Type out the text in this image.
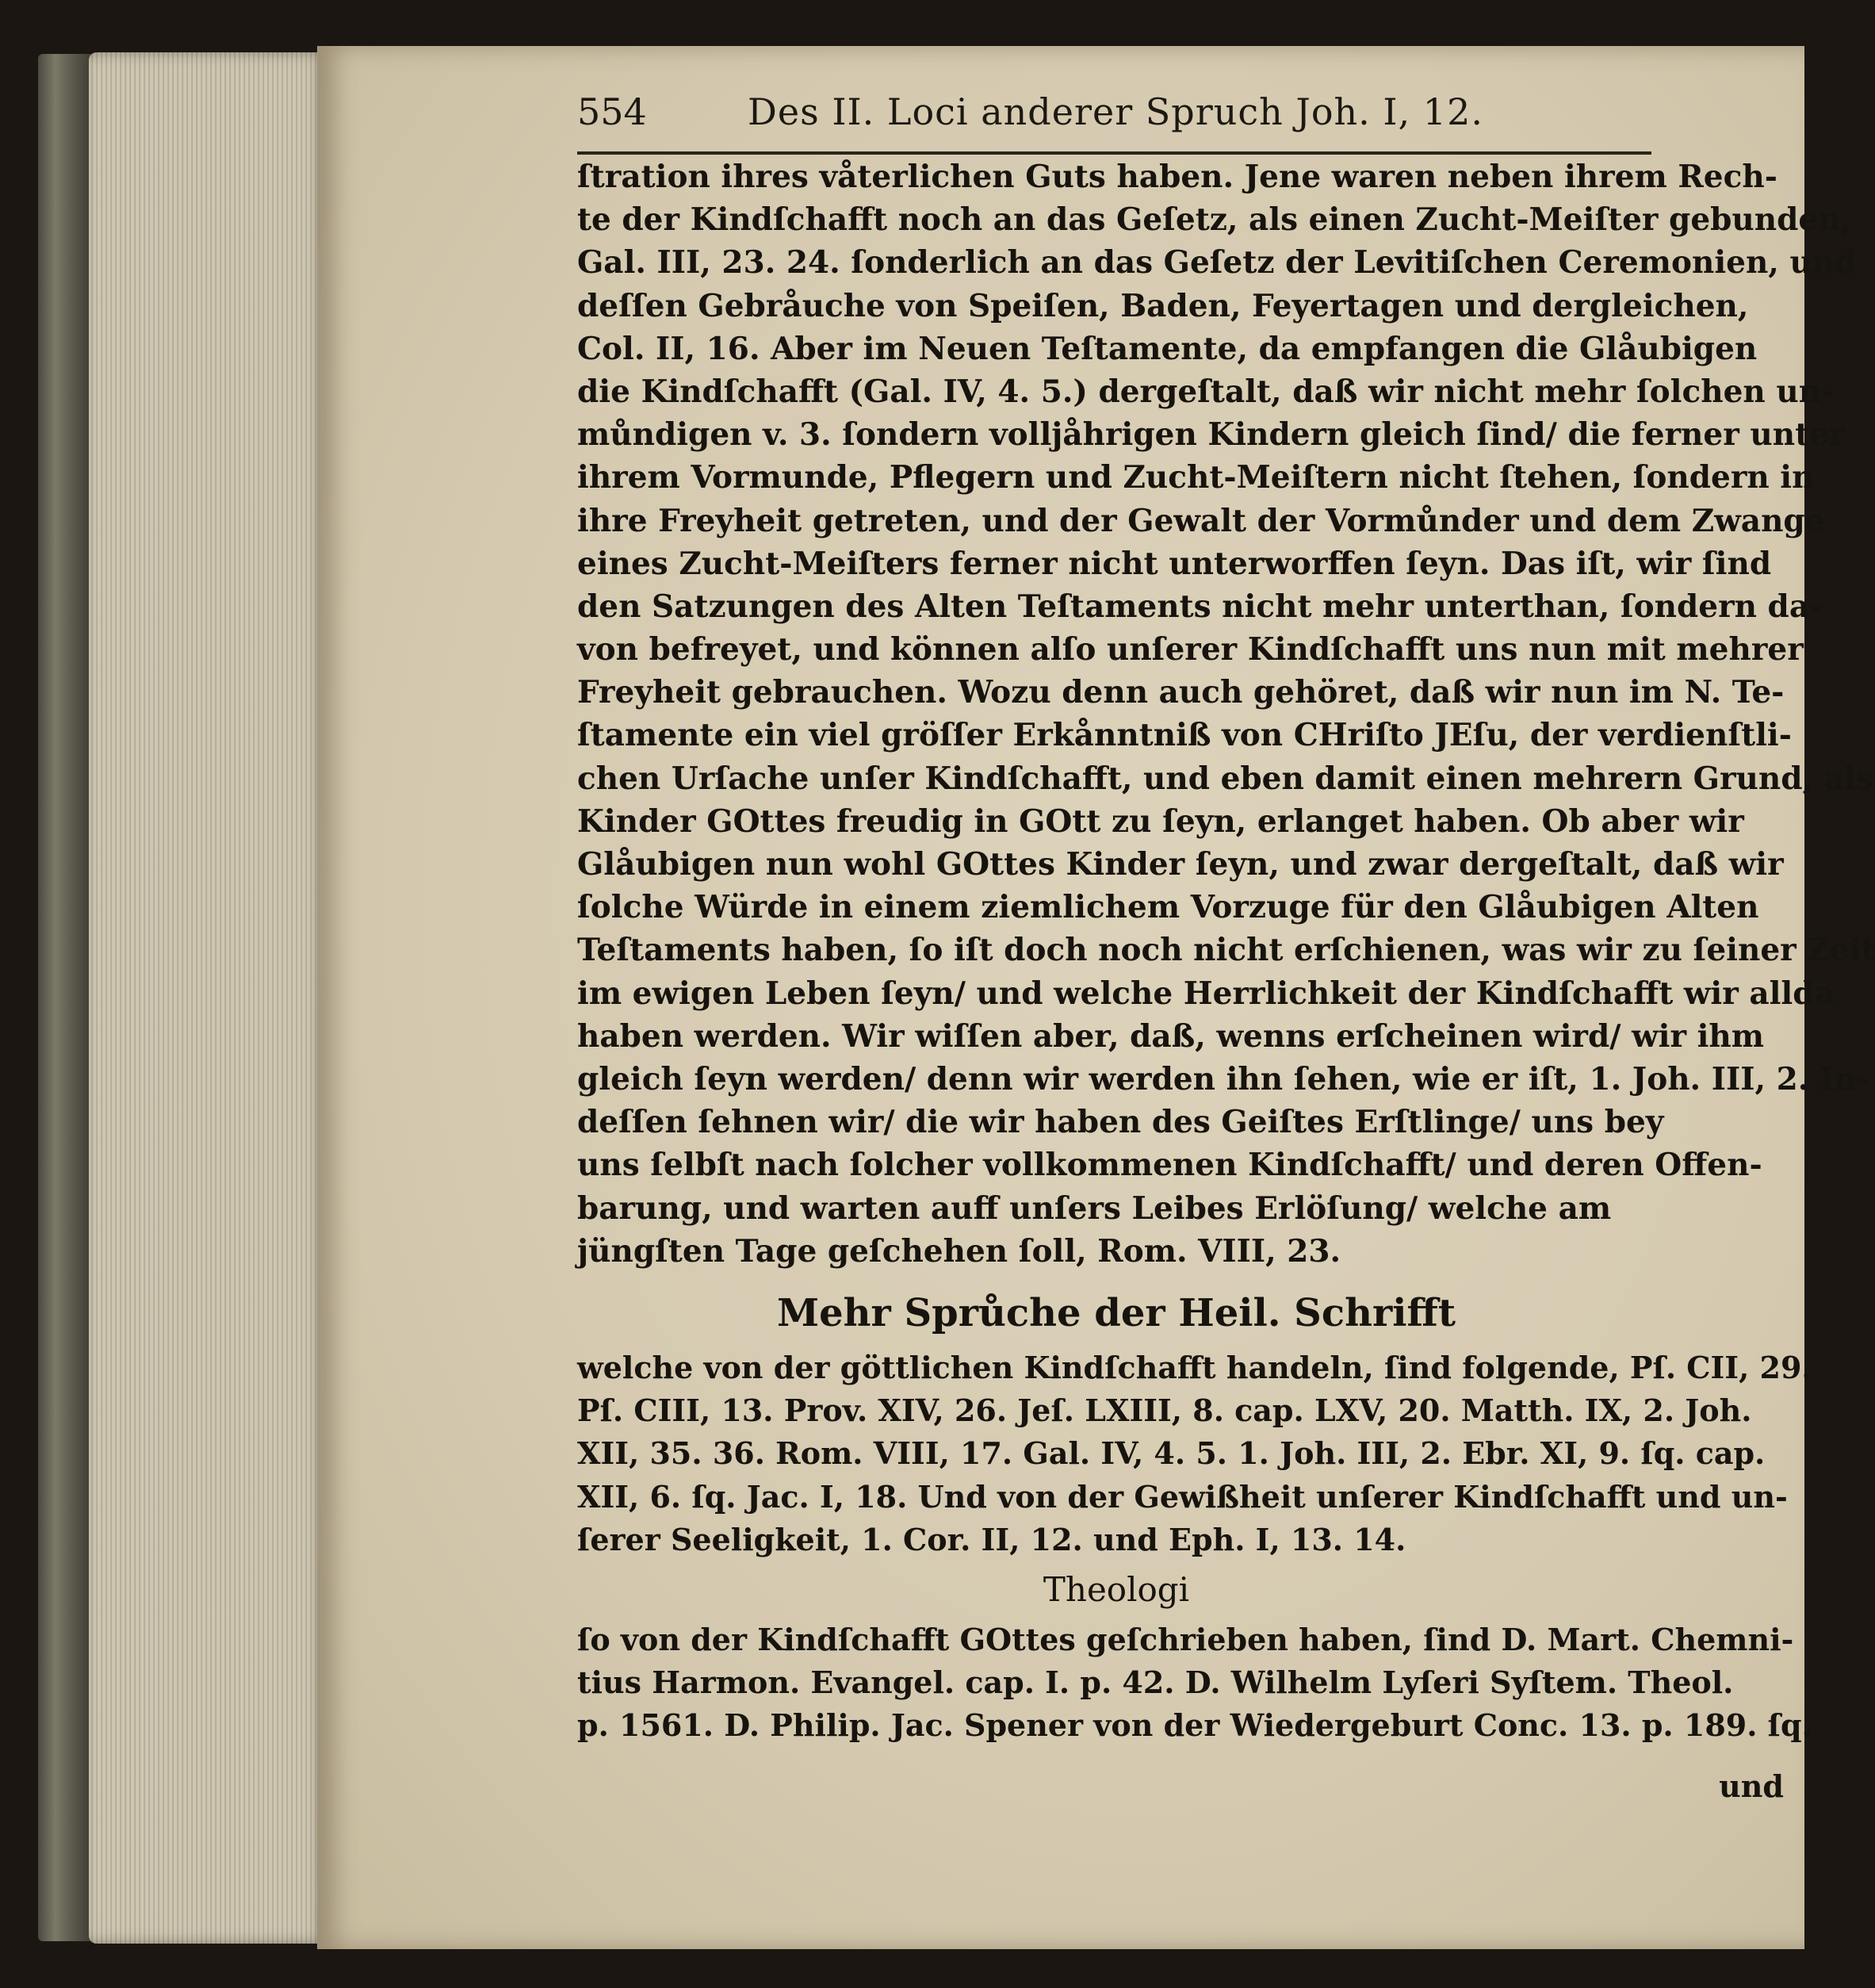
554	Des II. Loci anderer Spruch Joh. I, 12.
ſtration ihres våterlichen Guts haben. Jene waren neben ihrem Rech-
te der Kindſchafft noch an das Geſetz, als einen Zucht-Meiſter gebunden,
Gal. III, 23. 24. ſonderlich an das Geſetz der Levitiſchen Ceremonien, und
deſſen Gebråuche von Speiſen, Baden, Feyertagen und dergleichen,
Col. II, 16. Aber im Neuen Teſtamente, da empfangen die Glåubigen
die Kindſchafft (Gal. IV, 4. 5.) dergeſtalt, daß wir nicht mehr ſolchen un-
můndigen v. 3. ſondern volljåhrigen Kindern gleich ſind/ die ferner unter
ihrem Vormunde, Pflegern und Zucht-Meiſtern nicht ſtehen, ſondern in
ihre Freyheit getreten, und der Gewalt der Vormůnder und dem Zwange
eines Zucht-Meiſters ferner nicht unterworffen ſeyn. Das iſt, wir ſind
den Satzungen des Alten Teſtaments nicht mehr unterthan, ſondern da-
von befreyet, und können alſo unſerer Kindſchafft uns nun mit mehrer
Freyheit gebrauchen. Wozu denn auch gehöret, daß wir nun im N. Te-
ſtamente ein viel gröſſer Erkånntniß von CHriſto JEſu, der verdienſtli-
chen Urſache unſer Kindſchafft, und eben damit einen mehrern Grund, als
Kinder GOttes freudig in GOtt zu ſeyn, erlanget haben. Ob aber wir
Glåubigen nun wohl GOttes Kinder ſeyn, und zwar dergeſtalt, daß wir
ſolche Würde in einem ziemlichem Vorzuge für den Glåubigen Alten
Teſtaments haben, ſo iſt doch noch nicht erſchienen, was wir zu ſeiner Zeit
im ewigen Leben ſeyn/ und welche Herrlichkeit der Kindſchafft wir allda
haben werden. Wir wiſſen aber, daß, wenns erſcheinen wird/ wir ihm
gleich ſeyn werden/ denn wir werden ihn ſehen, wie er iſt, 1. Joh. III, 2. In-
deſſen ſehnen wir/ die wir haben des Geiſtes Erſtlinge/ uns bey
uns ſelbſt nach ſolcher vollkommenen Kindſchafft/ und deren Offen-
barung, und warten auff unſers Leibes Erlöſung/ welche am
jüngſten Tage geſchehen ſoll, Rom. VIII, 23.
Mehr Sprůche der Heil. Schrifft
welche von der göttlichen Kindſchafft handeln, ſind folgende, Pſ. CII, 29.
Pſ. CIII, 13. Prov. XIV, 26. Jeſ. LXIII, 8. cap. LXV, 20. Matth. IX, 2. Joh.
XII, 35. 36. Rom. VIII, 17. Gal. IV, 4. 5. 1. Joh. III, 2. Ebr. XI, 9. ſq. cap.
XII, 6. ſq. Jac. I, 18. Und von der Gewißheit unſerer Kindſchafft und un-
ſerer Seeligkeit, 1. Cor. II, 12. und Eph. I, 13. 14.
Theologi
ſo von der Kindſchafft GOttes geſchrieben haben, ſind D. Mart. Chemni-
tius Harmon. Evangel. cap. I. p. 42. D. Wilhelm Lyſeri Syſtem. Theol.
p. 1561. D. Philip. Jac. Spener von der Wiedergeburt Conc. 13. p. 189. ſq.
und
